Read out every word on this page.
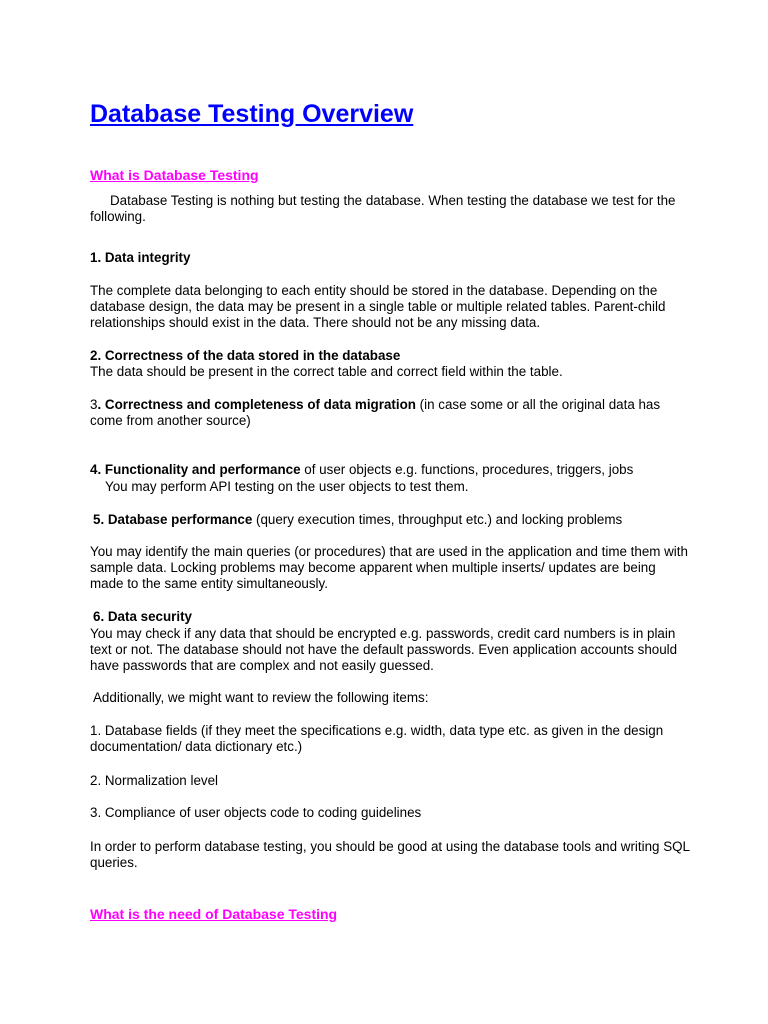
Database Testing Overview
What is Database Testing

Database Testing is nothing but testing the database. When testing the database we test for the following.

1. Data integrity

The complete data belonging to each entity should be stored in the database. Depending on the database design, the data may be present in a single table or multiple related tables. Parent-child relationships should exist in the data. There should not be any missing data.

2. Correctness of the data stored in the database

The data should be present in the correct table and correct field within the table.

3. Correctness and completeness of data migration (in case some or all the original data has come from another source)

4. Functionality and performance of user objects e.g. functions, procedures, triggers, jobs

You may perform API testing on the user objects to test them.

5. Database performance (query execution times, throughput etc.) and locking problems

You may identify the main queries (or procedures) that are used in the application and time them with sample data. Locking problems may become apparent when multiple inserts/ updates are being made to the same entity simultaneously.

6. Data security

You may check if any data that should be encrypted e.g. passwords, credit card numbers is in plain text or not. The database should not have the default passwords. Even application accounts should have passwords that are complex and not easily guessed.

Additionally, we might want to review the following items:

1. Database fields (if they meet the specifications e.g. width, data type etc. as given in the design documentation/ data dictionary etc.)

2. Normalization level

3. Compliance of user objects code to coding guidelines

In order to perform database testing, you should be good at using the database tools and writing SQL queries.

What is the need of Database Testing
